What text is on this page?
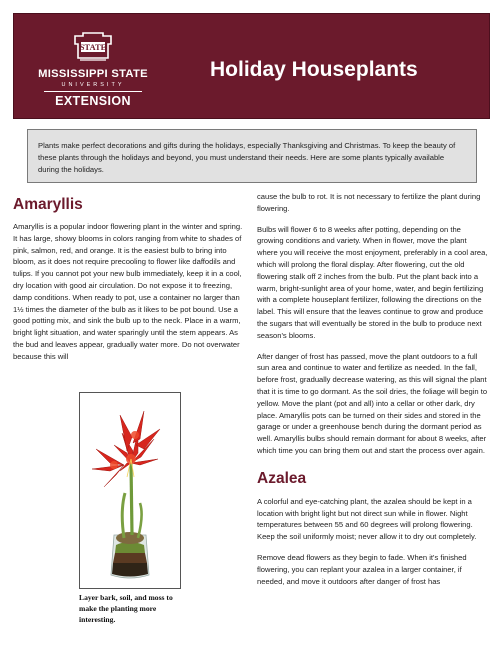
STATE
MISSISSIPPI STATE
UNIVERSITY
EXTENSION
Holiday Houseplants
Plants make perfect decorations and gifts during the holidays, especially Thanksgiving and Christmas. To keep the beauty of these plants through the holidays and beyond, you must understand their needs. Here are some plants typically available during the holidays.
Amaryllis

Amaryllis is a popular indoor flowering plant in the winter and spring. It has large, showy blooms in colors ranging from white to shades of pink, salmon, red, and orange. It is the easiest bulb to bring into bloom, as it does not require precooling to flower like daffodils and tulips. If you cannot pot your new bulb immediately, keep it in a cool, dry location with good air circulation. Do not expose it to freezing, damp conditions. When ready to pot, use a container no larger than 1½ times the diameter of the bulb as it likes to be pot bound. Use a good potting mix, and sink the bulb up to the neck. Place in a warm, bright light situation, and water sparingly until the stem appears. As the bud and leaves appear, gradually water more. Do not overwater because this will

Layer bark, soil, and moss to make the planting more interesting.

cause the bulb to rot. It is not necessary to fertilize the plant during flowering.

Bulbs will flower 6 to 8 weeks after potting, depending on the growing conditions and variety. When in flower, move the plant where you will receive the most enjoyment, preferably in a cool area, which will prolong the floral display. After flowering, cut the old flowering stalk off 2 inches from the bulb. Put the plant back into a warm, bright-sunlight area of your home, water, and begin fertilizing with a complete houseplant fertilizer, following the directions on the label. This will ensure that the leaves continue to grow and produce the sugars that will eventually be stored in the bulb to produce next season's blooms.

After danger of frost has passed, move the plant outdoors to a full sun area and continue to water and fertilize as needed. In the fall, before frost, gradually decrease watering, as this will signal the plant that it is time to go dormant. As the soil dries, the foliage will begin to yellow. Move the plant (pot and all) into a cellar or other dark, dry place. Amaryllis pots can be turned on their sides and stored in the garage or under a greenhouse bench during the dormant period as well. Amaryllis bulbs should remain dormant for about 8 weeks, after which time you can bring them out and start the process over again.

Azalea

A colorful and eye-catching plant, the azalea should be kept in a location with bright light but not direct sun while in flower. Night temperatures between 55 and 60 degrees will prolong flowering. Keep the soil uniformly moist; never allow it to dry out completely.

Remove dead flowers as they begin to fade. When it's finished flowering, you can replant your azalea in a larger container, if needed, and move it outdoors after danger of frost has
